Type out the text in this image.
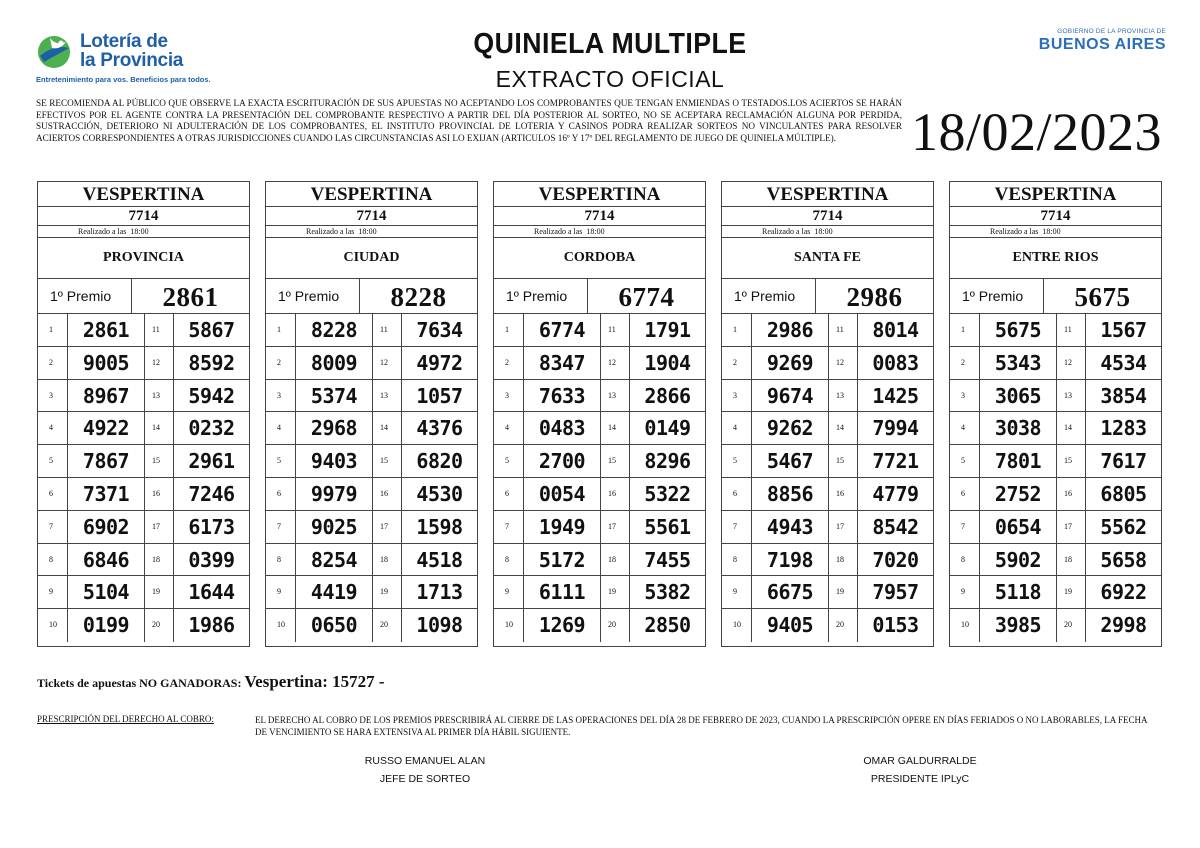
Lotería de
la Provincia
Entretenimiento para vos. Beneficios para todos.
QUINIELA MULTIPLE
EXTRACTO OFICIAL
GOBIERNO DE LA PROVINCIA DE
BUENOS AIRES
SE RECOMIENDA AL PÚBLICO QUE OBSERVE LA EXACTA ESCRITURACIÓN DE SUS APUESTAS NO ACEPTANDO LOS COMPROBANTES QUE TENGAN ENMIENDAS O TESTADOS.LOS ACIERTOS SE HARÁN EFECTIVOS POR EL AGENTE CONTRA LA PRESENTACIÓN DEL COMPROBANTE RESPECTIVO A PARTIR DEL DÍA POSTERIOR AL SORTEO, NO SE ACEPTARA RECLAMACIÓN ALGUNA POR PERDIDA, SUSTRACCIÓN, DETERIORO NI ADULTERACIÓN DE LOS COMPROBANTES, EL INSTITUTO PROVINCIAL DE LOTERIA Y CASINOS PODRA REALIZAR SORTEOS NO VINCULANTES PARA RESOLVER ACIERTOS CORRESPONDIENTES A OTRAS JURISDICCIONES CUANDO LAS CIRCUNSTANCIAS ASI LO EXIJAN (ARTICULOS 16º Y 17º DEL REGLAMENTO DE JUEGO DE QUINIELA MÚLTIPLE).	18/02/2023
VESPERTINA
7714
Realizado a las 18:00
PROVINCIA
1º Premio	2861
1	2861	11	5867
2	9005	12	8592
3	8967	13	5942
4	4922	14	0232
5	7867	15	2961
6	7371	16	7246
7	6902	17	6173
8	6846	18	0399
9	5104	19	1644
10	0199	20	1986
VESPERTINA
7714
Realizado a las 18:00
CIUDAD
1º Premio	8228
1	8228	11	7634
2	8009	12	4972
3	5374	13	1057
4	2968	14	4376
5	9403	15	6820
6	9979	16	4530
7	9025	17	1598
8	8254	18	4518
9	4419	19	1713
10	0650	20	1098
VESPERTINA
7714
Realizado a las 18:00
CORDOBA
1º Premio	6774
1	6774	11	1791
2	8347	12	1904
3	7633	13	2866
4	0483	14	0149
5	2700	15	8296
6	0054	16	5322
7	1949	17	5561
8	5172	18	7455
9	6111	19	5382
10	1269	20	2850
VESPERTINA
7714
Realizado a las 18:00
SANTA FE
1º Premio	2986
1	2986	11	8014
2	9269	12	0083
3	9674	13	1425
4	9262	14	7994
5	5467	15	7721
6	8856	16	4779
7	4943	17	8542
8	7198	18	7020
9	6675	19	7957
10	9405	20	0153
VESPERTINA
7714
Realizado a las 18:00
ENTRE RIOS
1º Premio	5675
1	5675	11	1567
2	5343	12	4534
3	3065	13	3854
4	3038	14	1283
5	7801	15	7617
6	2752	16	6805
7	0654	17	5562
8	5902	18	5658
9	5118	19	6922
10	3985	20	2998
Tickets de apuestas NO GANADORAS: Vespertina: 15727 -
PRESCRIPCIÓN DEL DERECHO AL COBRO:	EL DERECHO AL COBRO DE LOS PREMIOS PRESCRIBIRÁ AL CIERRE DE LAS OPERACIONES DEL DÍA 28 DE FEBRERO DE 2023, CUANDO LA PRESCRIPCIÓN OPERE EN DÍAS FERIADOS O NO LABORABLES, LA FECHA DE VENCIMIENTO SE HARA EXTENSIVA AL PRIMER DÍA HÁBIL SIGUIENTE.
RUSSO EMANUEL ALAN
JEFE DE SORTEO
OMAR GALDURRALDE
PRESIDENTE IPLyC
